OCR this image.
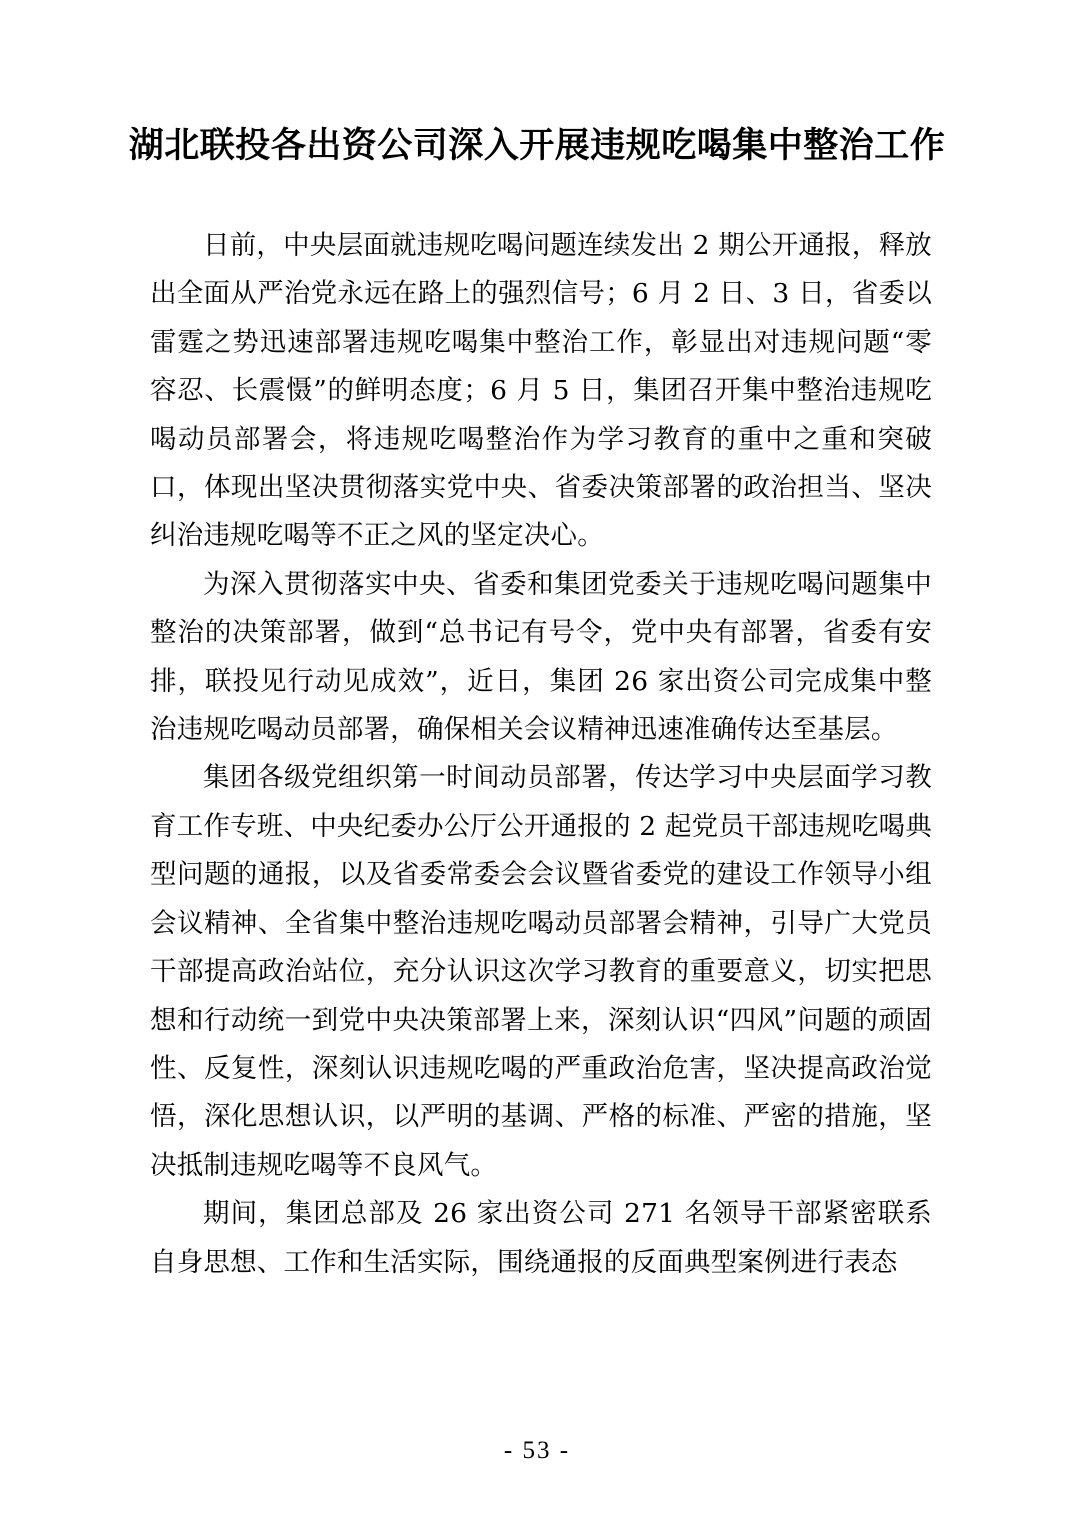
湖北联投各出资公司深入开展违规吃喝集中整治工作

日前，中央层面就违规吃喝问题连续发出 2 期公开通报，释放出全面从严治党永远在路上的强烈信号；6 月 2 日、3 日，省委以雷霆之势迅速部署违规吃喝集中整治工作，彰显出对违规问题“零容忍、长震慑”的鲜明态度；6 月 5 日，集团召开集中整治违规吃喝动员部署会，将违规吃喝整治作为学习教育的重中之重和突破口，体现出坚决贯彻落实党中央、省委决策部署的政治担当、坚决纠治违规吃喝等不正之风的坚定决心。

为深入贯彻落实中央、省委和集团党委关于违规吃喝问题集中整治的决策部署，做到“总书记有号令，党中央有部署，省委有安排，联投见行动见成效”，近日，集团 26 家出资公司完成集中整治违规吃喝动员部署，确保相关会议精神迅速准确传达至基层。

集团各级党组织第一时间动员部署，传达学习中央层面学习教育工作专班、中央纪委办公厅公开通报的 2 起党员干部违规吃喝典型问题的通报，以及省委常委会会议暨省委党的建设工作领导小组会议精神、全省集中整治违规吃喝动员部署会精神，引导广大党员干部提高政治站位，充分认识这次学习教育的重要意义，切实把思想和行动统一到党中央决策部署上来，深刻认识“四风”问题的顽固性、反复性，深刻认识违规吃喝的严重政治危害，坚决提高政治觉悟，深化思想认识，以严明的基调、严格的标准、严密的措施，坚决抵制违规吃喝等不良风气。

期间，集团总部及 26 家出资公司 271 名领导干部紧密联系自身思想、工作和生活实际，围绕通报的反面典型案例进行表态

- 53 -
